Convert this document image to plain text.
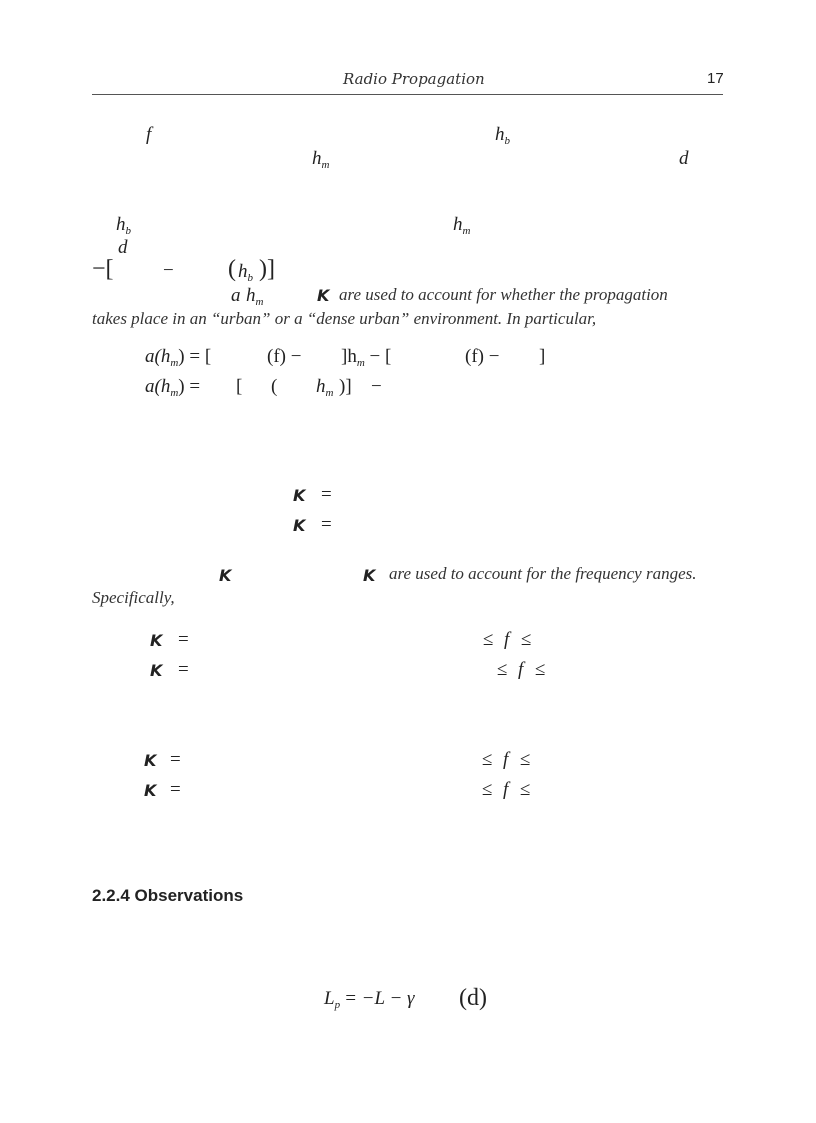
Radio Propagation	17
f	$h_b$
$h_m$	d
$h_b$	$h_m$
d
−[	− ( $h_b$ )]
a $h_m$	K are used to account for whether the propagation
takes place in an “urban” or a “dense urban” environment. In particular,
$a(h_m)$ = [	$(f) - ]h_m$ − [	(f) − ]
$a(h_m)$ = [ ( $h_m$ )] −
K =
K =
K	K are used to account for the frequency ranges.
Specifically,
K =	≤ f ≤
K =	≤ f ≤
K =	≤ f ≤
K =	≤ f ≤
2.2.4 Observations
$L_p = -L - \gamma$ (d)
